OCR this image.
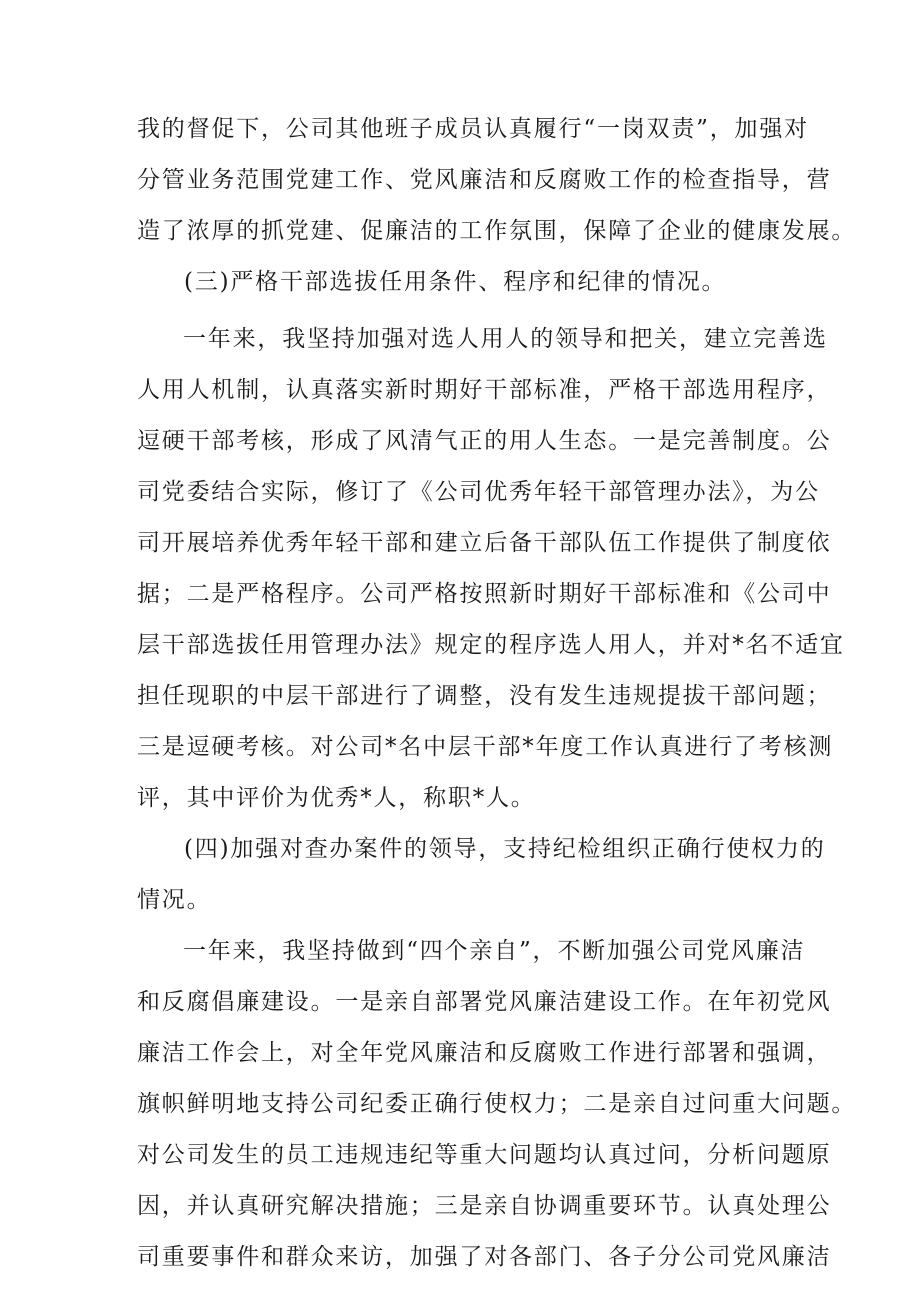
我的督促下，公司其他班子成员认真履行“一岗双责”，加强对
分管业务范围党建工作、党风廉洁和反腐败工作的检查指导，营
造了浓厚的抓党建、促廉洁的工作氛围，保障了企业的健康发展。
(三)严格干部选拔任用条件、程序和纪律的情况。
一年来，我坚持加强对选人用人的领导和把关，建立完善选
人用人机制，认真落实新时期好干部标准，严格干部选用程序，
逗硬干部考核，形成了风清气正的用人生态。一是完善制度。公
司党委结合实际，修订了《公司优秀年轻干部管理办法》，为公
司开展培养优秀年轻干部和建立后备干部队伍工作提供了制度依
据；二是严格程序。公司严格按照新时期好干部标准和《公司中
层干部选拔任用管理办法》规定的程序选人用人，并对*名不适宜
担任现职的中层干部进行了调整，没有发生违规提拔干部问题；
三是逗硬考核。对公司*名中层干部*年度工作认真进行了考核测
评，其中评价为优秀*人，称职*人。
(四)加强对查办案件的领导，支持纪检组织正确行使权力的
情况。
一年来，我坚持做到“四个亲自”，不断加强公司党风廉洁
和反腐倡廉建设。一是亲自部署党风廉洁建设工作。在年初党风
廉洁工作会上，对全年党风廉洁和反腐败工作进行部署和强调，
旗帜鲜明地支持公司纪委正确行使权力；二是亲自过问重大问题。
对公司发生的员工违规违纪等重大问题均认真过问，分析问题原
因，并认真研究解决措施；三是亲自协调重要环节。认真处理公
司重要事件和群众来访，加强了对各部门、各子分公司党风廉洁
